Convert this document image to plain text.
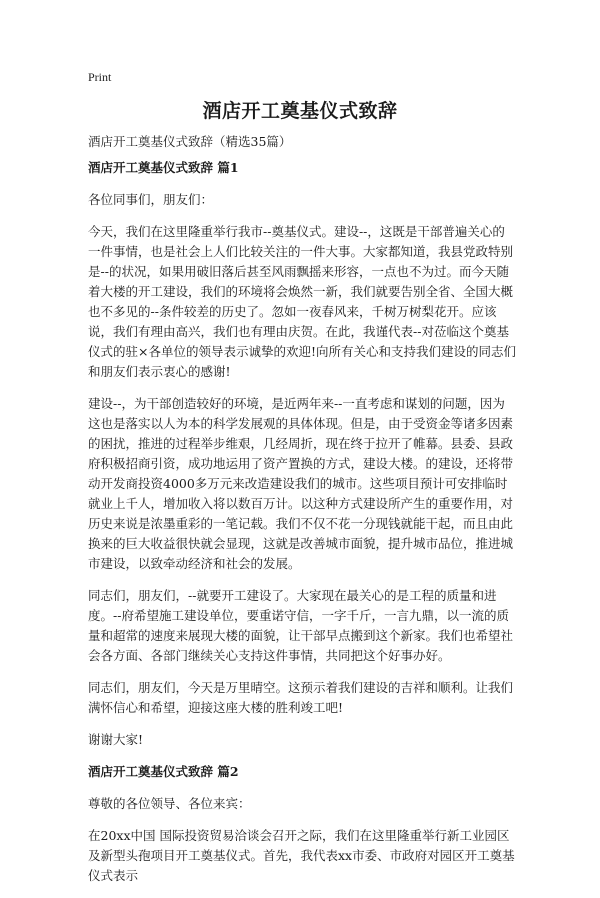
Print
酒店开工奠基仪式致辞

酒店开工奠基仪式致辞（精选35篇）

酒店开工奠基仪式致辞 篇1

各位同事们，朋友们：

今天，我们在这里隆重举行我市--奠基仪式。建设--，这既是干部普遍关心的一件事情，也是社会上人们比较关注的一件大事。大家都知道，我县党政特别是--的状况，如果用破旧落后甚至风雨飘摇来形容，一点也不为过。而今天随着大楼的开工建设，我们的环境将会焕然一新，我们就要告别全省、全国大概也不多见的--条件较差的历史了。忽如一夜春风来，千树万树梨花开。应该说，我们有理由高兴，我们也有理由庆贺。在此，我谨代表--对莅临这个奠基仪式的驻×各单位的领导表示诚挚的欢迎!向所有关心和支持我们建设的同志们和朋友们表示衷心的感谢!

建设--，为干部创造较好的环境，是近两年来--一直考虑和谋划的问题，因为这也是落实以人为本的科学发展观的具体体现。但是，由于受资金等诸多因素的困扰，推进的过程举步维艰，几经周折，现在终于拉开了帷幕。县委、县政府积极招商引资，成功地运用了资产置换的方式，建设大楼。的建设，还将带动开发商投资4000多万元来改造建设我们的城市。这些项目预计可安排临时就业上千人，增加收入将以数百万计。以这种方式建设所产生的重要作用，对历史来说是浓墨重彩的一笔记载。我们不仅不花一分现钱就能干起，而且由此换来的巨大收益很快就会显现，这就是改善城市面貌，提升城市品位，推进城市建设，以致牵动经济和社会的发展。

同志们，朋友们，--就要开工建设了。大家现在最关心的是工程的质量和进度。--府希望施工建设单位，要重诺守信，一字千斤，一言九鼎，以一流的质量和超常的速度来展现大楼的面貌，让干部早点搬到这个新家。我们也希望社会各方面、各部门继续关心支持这件事情，共同把这个好事办好。

同志们，朋友们，今天是万里晴空。这预示着我们建设的吉祥和顺利。让我们满怀信心和希望，迎接这座大楼的胜利竣工吧!

谢谢大家!

酒店开工奠基仪式致辞 篇2

尊敬的各位领导、各位来宾：

在20xx中国 国际投资贸易洽谈会召开之际，我们在这里隆重举行新工业园区及新型头孢项目开工奠基仪式。首先，我代表xx市委、市政府对园区开工奠基仪式表示
